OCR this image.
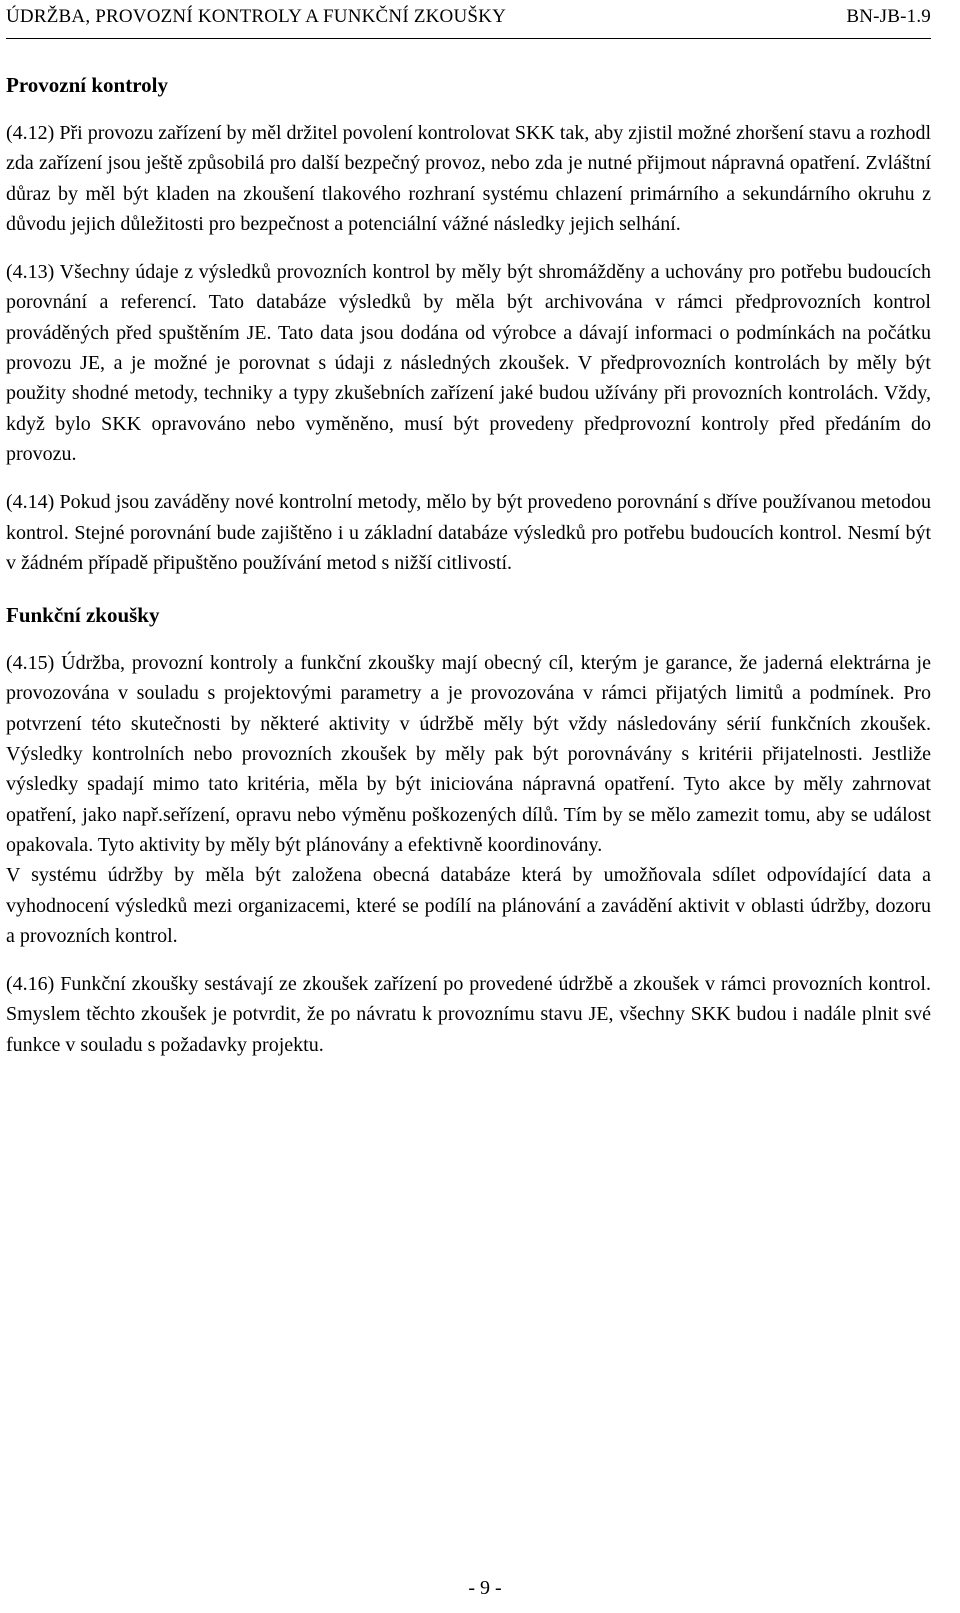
ÚDRŽBA, PROVOZNÍ KONTROLY A FUNKČNÍ ZKOUŠKY	BN-JB-1.9

Provozní kontroly

(4.12) Při provozu zařízení by měl držitel povolení kontrolovat SKK tak, aby zjistil možné zhoršení stavu a rozhodl zda zařízení jsou ještě způsobilá pro další bezpečný provoz, nebo zda je nutné přijmout nápravná opatření. Zvláštní důraz by měl být kladen na zkoušení tlakového rozhraní systému chlazení primárního a sekundárního okruhu z důvodu jejich důležitosti pro bezpečnost a potenciální vážné následky jejich selhání.

(4.13) Všechny údaje z výsledků provozních kontrol by měly být shromážděny a uchovány pro potřebu budoucích porovnání a referencí. Tato databáze výsledků by měla být archivována v rámci předprovozních kontrol prováděných před spuštěním JE. Tato data jsou dodána od výrobce a dávají informaci o podmínkách na počátku provozu JE, a je možné je porovnat s údaji z následných zkoušek. V předprovozních kontrolách by měly být použity shodné metody, techniky a typy zkušebních zařízení jaké budou užívány při provozních kontrolách. Vždy, když bylo SKK opravováno nebo vyměněno, musí být provedeny předprovozní kontroly před předáním do provozu.

(4.14) Pokud jsou zaváděny nové kontrolní metody, mělo by být provedeno porovnání s dříve používanou metodou kontrol. Stejné porovnání bude zajištěno i u základní databáze výsledků pro potřebu budoucích kontrol. Nesmí být v žádném případě připuštěno používání metod s nižší citlivostí.

Funkční zkoušky

(4.15) Údržba, provozní kontroly a funkční zkoušky mají obecný cíl, kterým je garance, že jaderná elektrárna je provozována v souladu s projektovými parametry a je provozována v rámci přijatých limitů a podmínek. Pro potvrzení této skutečnosti by některé aktivity v údržbě měly být vždy následovány sérií funkčních zkoušek. Výsledky kontrolních nebo provozních zkoušek by měly pak být porovnávány s kritérii přijatelnosti. Jestliže výsledky spadají mimo tato kritéria, měla by být iniciována nápravná opatření. Tyto akce by měly zahrnovat opatření, jako např.seřízení, opravu nebo výměnu poškozených dílů. Tím by se mělo zamezit tomu, aby se událost opakovala. Tyto aktivity by měly být plánovány a efektivně koordinovány.

V systému údržby by měla být založena obecná databáze která by umožňovala sdílet odpovídající data a vyhodnocení výsledků mezi organizacemi, které se podílí na plánování a zavádění aktivit v oblasti údržby, dozoru a provozních kontrol.

(4.16) Funkční zkoušky sestávají ze zkoušek zařízení po provedené údržbě a zkoušek v rámci provozních kontrol. Smyslem těchto zkoušek je potvrdit, že po návratu k provoznímu stavu JE, všechny SKK budou i nadále plnit své funkce v souladu s požadavky projektu.

- 9 -
